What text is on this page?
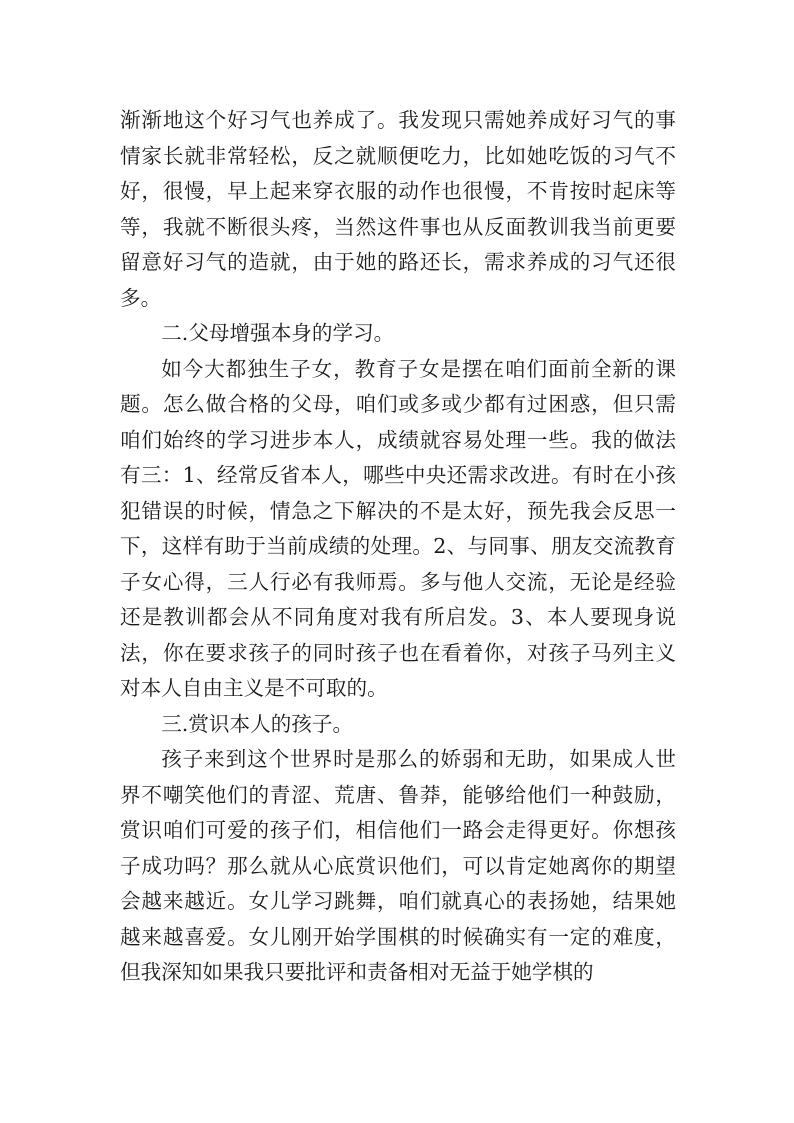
渐渐地这个好习气也养成了。我发现只需她养成好习气的事情家长就非常轻松，反之就顺便吃力，比如她吃饭的习气不好，很慢，早上起来穿衣服的动作也很慢，不肯按时起床等等，我就不断很头疼，当然这件事也从反面教训我当前更要留意好习气的造就，由于她的路还长，需求养成的习气还很多。

二.父母增强本身的学习。

如今大都独生子女，教育子女是摆在咱们面前全新的课题。怎么做合格的父母，咱们或多或少都有过困惑，但只需咱们始终的学习进步本人，成绩就容易处理一些。我的做法有三：1、经常反省本人，哪些中央还需求改进。有时在小孩犯错误的时候，情急之下解决的不是太好，预先我会反思一下，这样有助于当前成绩的处理。2、与同事、朋友交流教育子女心得，三人行必有我师焉。多与他人交流，无论是经验还是教训都会从不同角度对我有所启发。3、本人要现身说法，你在要求孩子的同时孩子也在看着你，对孩子马列主义对本人自由主义是不可取的。

三.赏识本人的孩子。

孩子来到这个世界时是那么的娇弱和无助，如果成人世界不嘲笑他们的青涩、荒唐、鲁莽，能够给他们一种鼓励，赏识咱们可爱的孩子们，相信他们一路会走得更好。你想孩子成功吗？那么就从心底赏识他们，可以肯定她离你的期望会越来越近。女儿学习跳舞，咱们就真心的表扬她，结果她越来越喜爱。女儿刚开始学围棋的时候确实有一定的难度，但我深知如果我只要批评和责备相对无益于她学棋的
